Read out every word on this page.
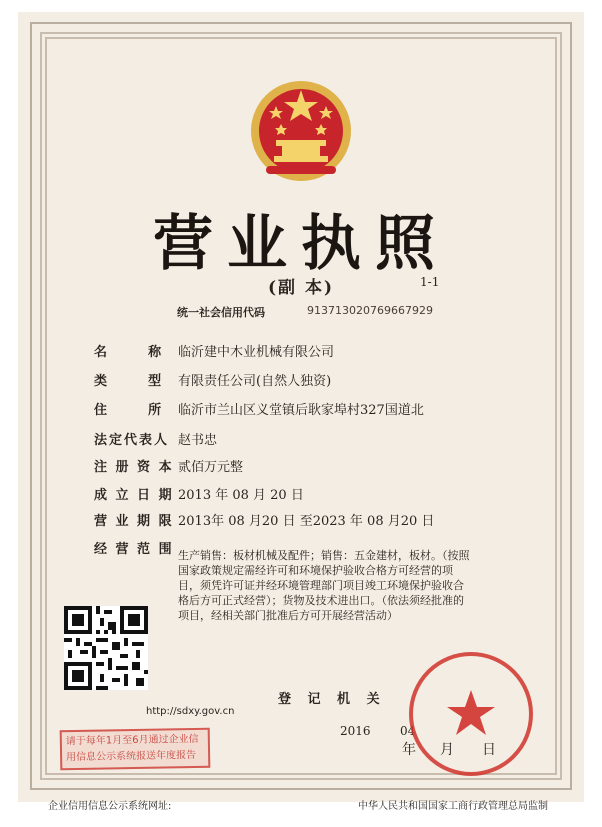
营业执照
(副 本)	1-1
统一社会信用代码	913713020769667929
名      称 临沂建中木业机械有限公司
类      型 有限责任公司(自然人独资)
住      所 临沂市兰山区义堂镇后耿家埠村327国道北
法定代表人 赵书忠
注 册 资 本 贰佰万元整
成 立 日 期 2013 年 08 月 20 日
营 业 期 限 2013年 08 月20 日 至2023 年 08 月20 日
经 营 范 围 生产销售：板材机械及配件；销售：五金建材，板材。（按照国家政策规定需经许可和环境保护验收合格方可经营的项目，须凭许可证并经环境管理部门项目竣工环境保护验收合格后方可正式经营）；货物及技术进出口。（依法须经批准的项目，经相关部门批准后方可开展经营活动）
http://sdxy.gov.cn
登 记 机 关
2016 04
年 月 日
请于每年1月至6月通过企业信用信息公示系统报送年度报告
企业信用信息公示系统网址:	中华人民共和国国家工商行政管理总局监制
